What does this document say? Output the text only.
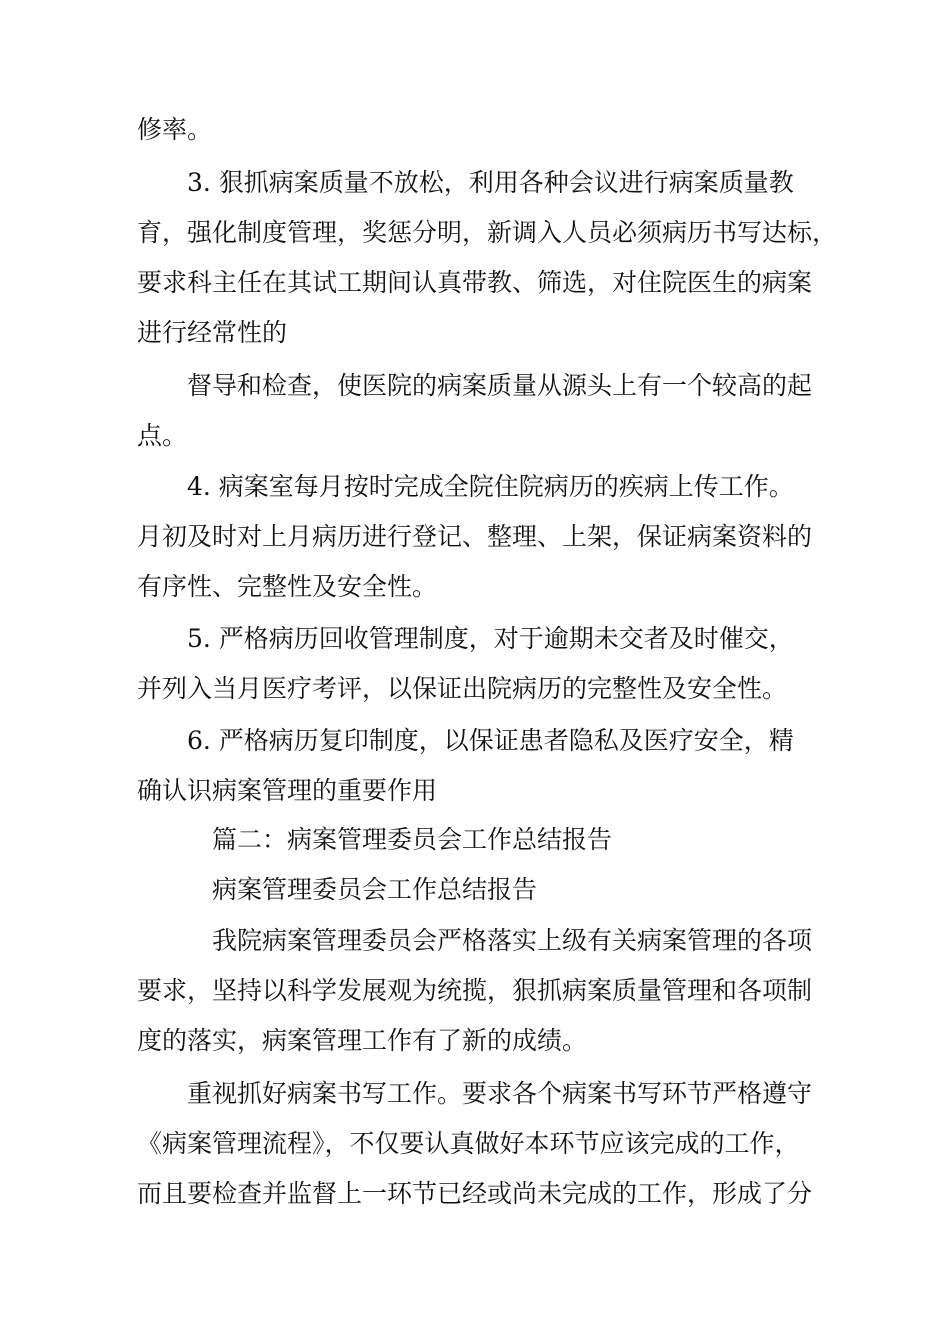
修率。

3. 狠抓病案质量不放松，利用各种会议进行病案质量教

育，强化制度管理，奖惩分明，新调入人员必须病历书写达标，

要求科主任在其试工期间认真带教、筛选，对住院医生的病案

进行经常性的

督导和检查，使医院的病案质量从源头上有一个较高的起

点。

4. 病案室每月按时完成全院住院病历的疾病上传工作。

月初及时对上月病历进行登记、整理、上架，保证病案资料的

有序性、完整性及安全性。

5. 严格病历回收管理制度，对于逾期未交者及时催交，

并列入当月医疗考评，以保证出院病历的完整性及安全性。

6. 严格病历复印制度，以保证患者隐私及医疗安全，精

确认识病案管理的重要作用

篇二：病案管理委员会工作总结报告

病案管理委员会工作总结报告

我院病案管理委员会严格落实上级有关病案管理的各项

要求，坚持以科学发展观为统揽，狠抓病案质量管理和各项制

度的落实，病案管理工作有了新的成绩。

重视抓好病案书写工作。要求各个病案书写环节严格遵守

《病案管理流程》，不仅要认真做好本环节应该完成的工作，

而且要检查并监督上一环节已经或尚未完成的工作，形成了分
